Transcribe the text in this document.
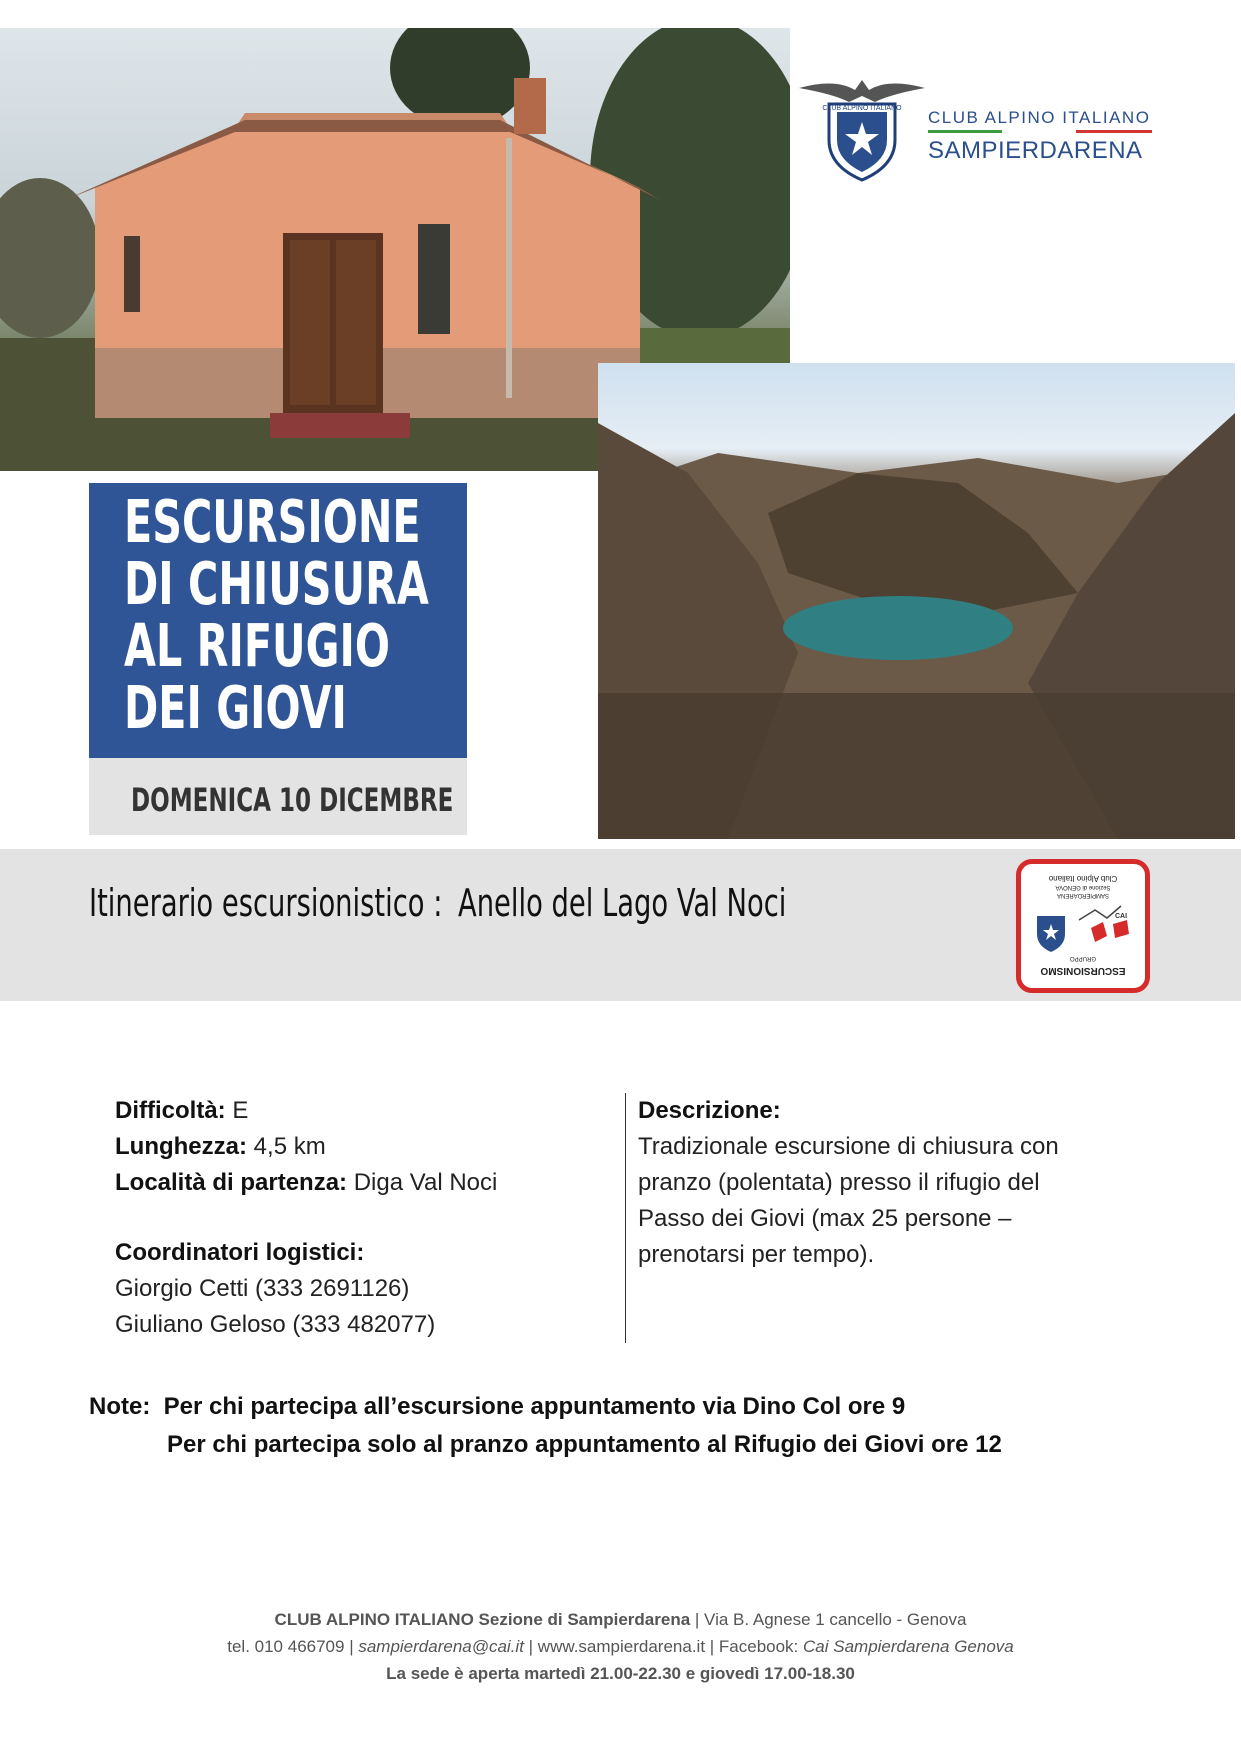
CLUB ALPINO ITALIANO CLUB ALPINO ITALIANO
SAMPIERDARENA
ESCURSIONE
DI CHIUSURA
AL RIFUGIO
DEI GIOVI
DOMENICA 10 DICEMBRE
Itinerario escursionistico : Anello del Lago Val Noci
ESCURSIONISMO
GRUPPO
SAMPIERDARENA
Sezione di GENOVA
Club Alpino Italiano
CAI
Difficoltà: E
Lunghezza: 4,5 km
Località di partenza: Diga Val Noci
Coordinatori logistici:
Giorgio Cetti (333 2691126)
Giuliano Geloso (333 482077)
Descrizione:
Tradizionale escursione di chiusura con
pranzo (polentata) presso il rifugio del
Passo dei Giovi (max 25 persone –
prenotarsi per tempo).
Note: Per chi partecipa all’escursione appuntamento via Dino Col ore 9
Per chi partecipa solo al pranzo appuntamento al Rifugio dei Giovi ore 12
CLUB ALPINO ITALIANO Sezione di Sampierdarena | Via B. Agnese 1 cancello - Genova
tel. 010 466709 | sampierdarena@cai.it | www.sampierdarena.it | Facebook: Cai Sampierdarena Genova
La sede è aperta martedì 21.00-22.30 e giovedì 17.00-18.30
